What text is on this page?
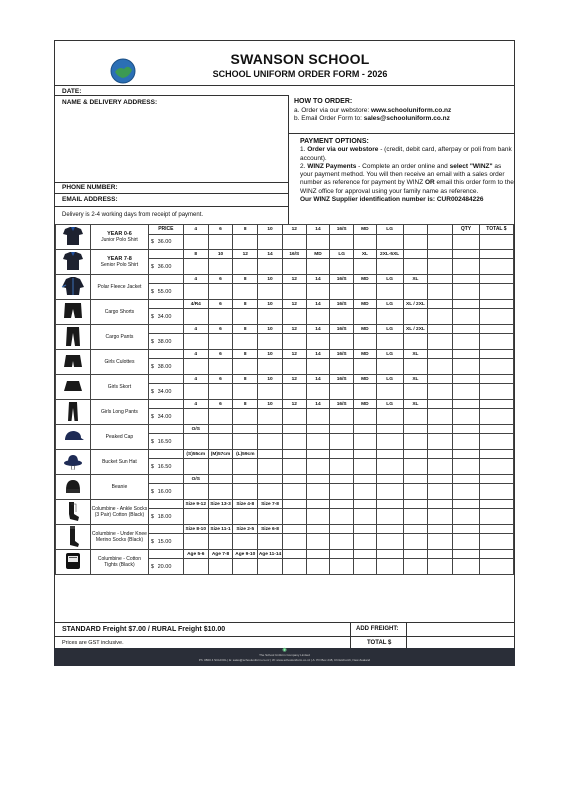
SWANSON SCHOOL
SCHOOL UNIFORM ORDER FORM - 2026
DATE:
NAME & DELIVERY ADDRESS:
PHONE NUMBER:
EMAIL ADDRESS:
Delivery is 2-4 working days from receipt of payment.
HOW TO ORDER:
a. Order via our webstore: www.schooluniform.co.nz
b. Email Order Form to: sales@schooluniform.co.nz
PAYMENT OPTIONS:
1. Order via our webstore - (credit, debit card, afterpay or poli from bank account).
2. WINZ Payments - Complete an order online and select "WINZ" as your payment method. You will then receive an email with a sales order number as reference for payment by WINZ OR email this order form to the WINZ office for approval using your family name as reference.
Our WINZ Supplier identification number is: CUR002484226

YEAR 0-6
Junior Polo Shirt	PRICE		4	6	8	10	12	14	16/S	MD	LG			QTY	TOTAL $
		$	36.00													

YEAR 7-8
Senior Polo Shirt			8	10	12	14	16/S	MD	LG	XL	2XL-5XL				
		$	36.00													

Polar Fleece Jacket			4	6	8	10	12	14	16/S	MD	LG	XL			
		$	55.00													

Cargo Shorts			4/R4	6	8	10	12	14	16/S	MD	LG	XL / 2XL			
		$	34.00													

Cargo Pants			4	6	8	10	12	14	16/S	MD	LG	XL / 2XL			
		$	38.00													

Girls Culottes			4	6	8	10	12	14	16/S	MD	LG	XL			
		$	38.00													

Girls Skort			4	6	8	10	12	14	16/S	MD	LG	XL			
		$	34.00													

Girls Long Pants			4	6	8	10	12	14	16/S	MD	LG	XL			
		$	34.00													

Peaked Cap			O/S												
		$	16.50													

Bucket Sun Hat			(S)55cm	(M)57cm	(L)59cm										
		$	16.50													

Beanie			O/S												
		$	16.00													

Columbine - Ankle Socks (3 Pair) Cotton (Black)			Size 9-12	Size 13-3	Size 4-8	Size 7-8									
		$	18.00													

Columbine - Under Knee Merino Socks (Black)			Size 8-10	Size 11-1	Size 2-5	Size 6-8									
		$	15.00													

Columbine - Cotton Tights (Black)			Age 5-6	Age 7-8	Age 9-10	Age 11-14									
		$	20.00													
STANDARD Freight $7.00 / RURAL Freight $10.00
Prices are GST inclusive.
ADD FREIGHT:
TOTAL $
◉
The School Uniform Company Limited
Ph: 0800 4 SCHOOL | E: sales@schooluniform.co.nz | W: www.schooluniform.co.nz | A: PO Box 248, Christchurch, New Zealand
